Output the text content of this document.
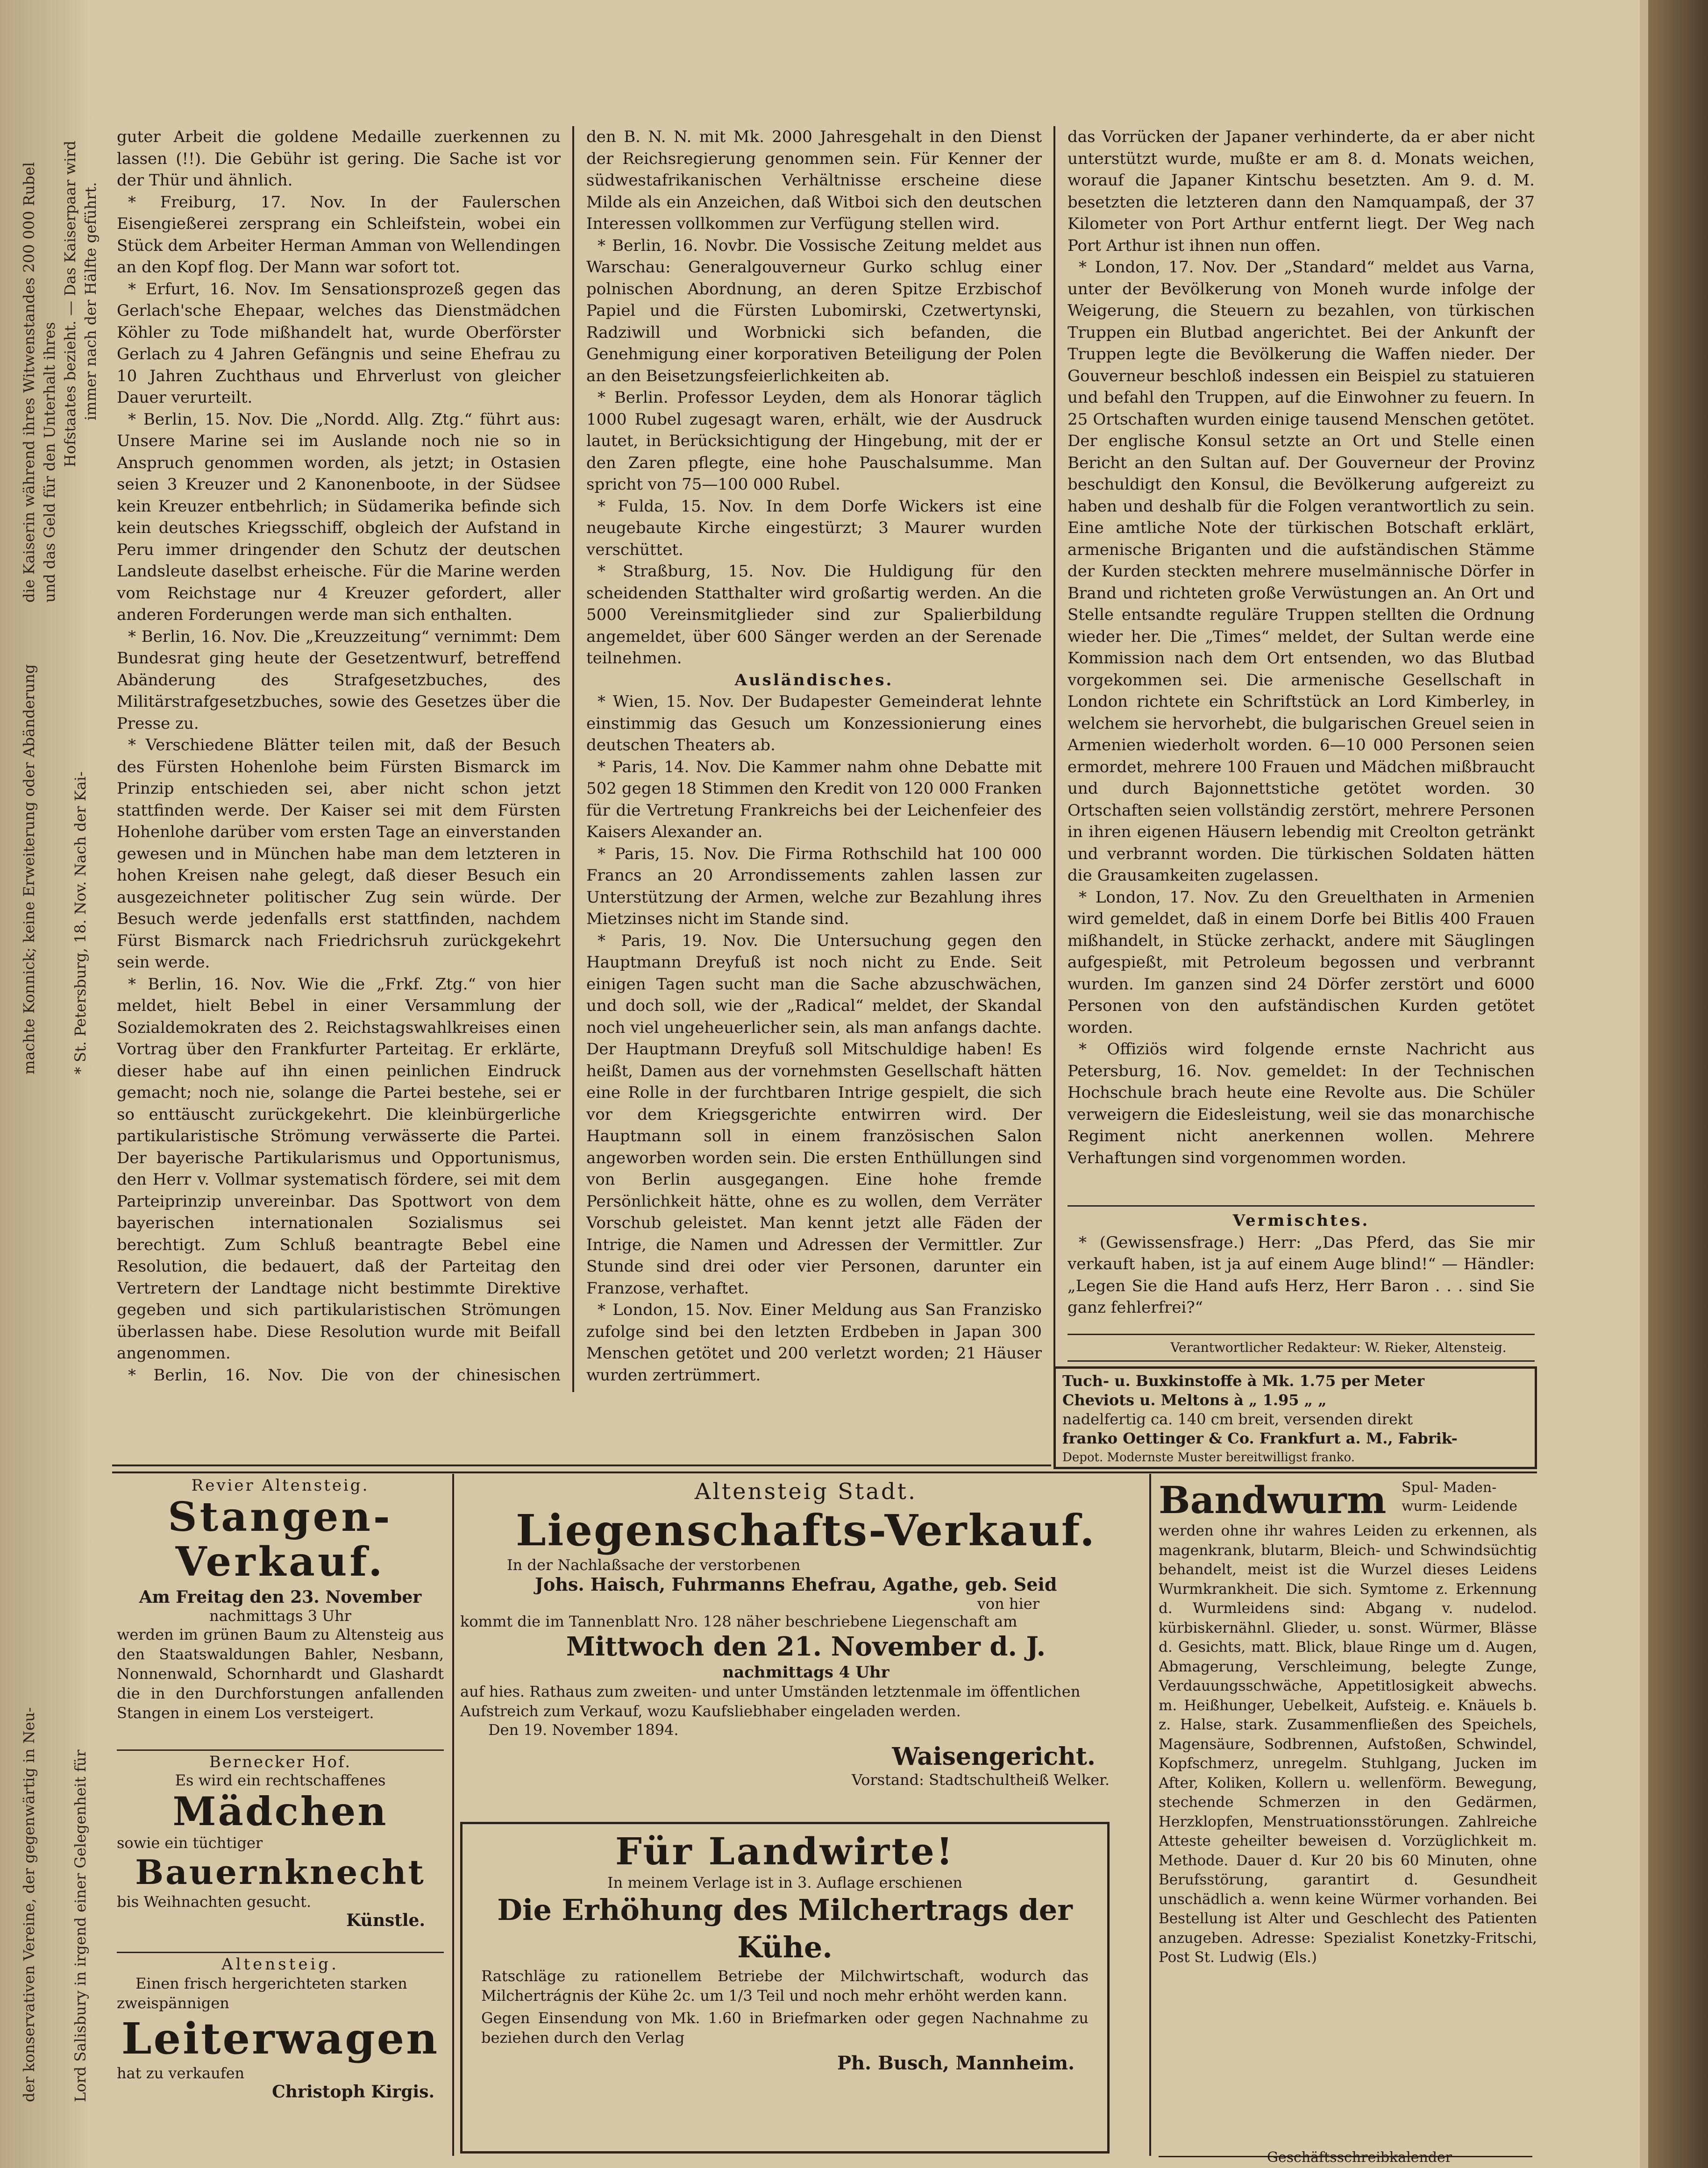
die Kaiserin während ihres Witwenstandes 200 000 Rubel und das Geld für den Unterhalt ihres Hofstaates bezieht. — Das Kaiserpaar wird immer nach der Hälfte geführt.
machte Konnick; keine Erweiterung oder Abänderung * St. Petersburg, 18. Nov. Nach der Kai-
der konservativen Vereine, der gegenwärtig in Neu- Lord Salisbury in irgend einer Gelegenheit für

guter Arbeit die goldene Medaille zuerkennen zu lassen (!!). Die Gebühr ist gering. Die Sache ist vor der Thür und ähnlich.

* Freiburg, 17. Nov. In der Faulerschen Eisengießerei zersprang ein Schleifstein, wobei ein Stück dem Arbeiter Herman Amman von Wellendingen an den Kopf flog. Der Mann war sofort tot.

* Erfurt, 16. Nov. Im Sensationsprozeß gegen das Gerlach'sche Ehepaar, welches das Dienstmädchen Köhler zu Tode mißhandelt hat, wurde Oberförster Gerlach zu 4 Jahren Gefängnis und seine Ehefrau zu 10 Jahren Zuchthaus und Ehrverlust von gleicher Dauer verurteilt.

* Berlin, 15. Nov. Die „Nordd. Allg. Ztg.“ führt aus: Unsere Marine sei im Auslande noch nie so in Anspruch genommen worden, als jetzt; in Ostasien seien 3 Kreuzer und 2 Kanonenboote, in der Südsee kein Kreuzer entbehrlich; in Südamerika befinde sich kein deutsches Kriegsschiff, obgleich der Aufstand in Peru immer dringender den Schutz der deutschen Landsleute daselbst erheische. Für die Marine werden vom Reichstage nur 4 Kreuzer gefordert, aller anderen Forderungen werde man sich enthalten.

* Berlin, 16. Nov. Die „Kreuzzeitung“ vernimmt: Dem Bundesrat ging heute der Gesetzentwurf, betreffend Abänderung des Strafgesetzbuches, des Militärstrafgesetzbuches, sowie des Gesetzes über die Presse zu.

* Verschiedene Blätter teilen mit, daß der Besuch des Fürsten Hohenlohe beim Fürsten Bismarck im Prinzip entschieden sei, aber nicht schon jetzt stattfinden werde. Der Kaiser sei mit dem Fürsten Hohenlohe darüber vom ersten Tage an einverstanden gewesen und in München habe man dem letzteren in hohen Kreisen nahe gelegt, daß dieser Besuch ein ausgezeichneter politischer Zug sein würde. Der Besuch werde jedenfalls erst stattfinden, nachdem Fürst Bismarck nach Friedrichsruh zurückgekehrt sein werde.

* Berlin, 16. Nov. Wie die „Frkf. Ztg.“ von hier meldet, hielt Bebel in einer Versammlung der Sozialdemokraten des 2. Reichstagswahlkreises einen Vortrag über den Frankfurter Parteitag. Er erklärte, dieser habe auf ihn einen peinlichen Eindruck gemacht; noch nie, solange die Partei bestehe, sei er so enttäuscht zurückgekehrt. Die kleinbürgerliche partikularistische Strömung verwässerte die Partei. Der bayerische Partikularismus und Opportunismus, den Herr v. Vollmar systematisch fördere, sei mit dem Parteiprinzip unvereinbar. Das Spottwort von dem bayerischen internationalen Sozialismus sei berechtigt. Zum Schluß beantragte Bebel eine Resolution, die bedauert, daß der Parteitag den Vertretern der Landtage nicht bestimmte Direktive gegeben und sich partikularistischen Strömungen überlassen habe. Diese Resolution wurde mit Beifall angenommen.

* Berlin, 16. Nov. Die von der chinesischen

den B. N. N. mit Mk. 2000 Jahresgehalt in den Dienst der Reichsregierung genommen sein. Für Kenner der südwestafrikanischen Verhältnisse erscheine diese Milde als ein Anzeichen, daß Witboi sich den deutschen Interessen vollkommen zur Verfügung stellen wird.

* Berlin, 16. Novbr. Die Vossische Zeitung meldet aus Warschau: Generalgouverneur Gurko schlug einer polnischen Abordnung, an deren Spitze Erzbischof Papiel und die Fürsten Lubomirski, Czetwertynski, Radziwill und Worbnicki sich befanden, die Genehmigung einer korporativen Beteiligung der Polen an den Beisetzungsfeierlichkeiten ab.

* Berlin. Professor Leyden, dem als Honorar täglich 1000 Rubel zugesagt waren, erhält, wie der Ausdruck lautet, in Berücksichtigung der Hingebung, mit der er den Zaren pflegte, eine hohe Pauschalsumme. Man spricht von 75—100 000 Rubel.

* Fulda, 15. Nov. In dem Dorfe Wickers ist eine neugebaute Kirche eingestürzt; 3 Maurer wurden verschüttet.

* Straßburg, 15. Nov. Die Huldigung für den scheidenden Statthalter wird großartig werden. An die 5000 Vereinsmitglieder sind zur Spalierbildung angemeldet, über 600 Sänger werden an der Serenade teilnehmen.

Ausländisches.

* Wien, 15. Nov. Der Budapester Gemeinderat lehnte einstimmig das Gesuch um Konzessionierung eines deutschen Theaters ab.

* Paris, 14. Nov. Die Kammer nahm ohne Debatte mit 502 gegen 18 Stimmen den Kredit von 120 000 Franken für die Vertretung Frankreichs bei der Leichenfeier des Kaisers Alexander an.

* Paris, 15. Nov. Die Firma Rothschild hat 100 000 Francs an 20 Arrondissements zahlen lassen zur Unterstützung der Armen, welche zur Bezahlung ihres Mietzinses nicht im Stande sind.

* Paris, 19. Nov. Die Untersuchung gegen den Hauptmann Dreyfuß ist noch nicht zu Ende. Seit einigen Tagen sucht man die Sache abzuschwächen, und doch soll, wie der „Radical“ meldet, der Skandal noch viel ungeheuerlicher sein, als man anfangs dachte. Der Hauptmann Dreyfuß soll Mitschuldige haben! Es heißt, Damen aus der vornehmsten Gesellschaft hätten eine Rolle in der furchtbaren Intrige gespielt, die sich vor dem Kriegsgerichte entwirren wird. Der Hauptmann soll in einem französischen Salon angeworben worden sein. Die ersten Enthüllungen sind von Berlin ausgegangen. Eine hohe fremde Persönlichkeit hätte, ohne es zu wollen, dem Verräter Vorschub geleistet. Man kennt jetzt alle Fäden der Intrige, die Namen und Adressen der Vermittler. Zur Stunde sind drei oder vier Personen, darunter ein Franzose, verhaftet.

* London, 15. Nov. Einer Meldung aus San Franzisko zufolge sind bei den letzten Erdbeben in Japan 300 Menschen getötet und 200 verletzt worden; 21 Häuser wurden zertrümmert.

das Vorrücken der Japaner verhinderte, da er aber nicht unterstützt wurde, mußte er am 8. d. Monats weichen, worauf die Japaner Kintschu besetzten. Am 9. d. M. besetzten die letzteren dann den Namquampaß, der 37 Kilometer von Port Arthur entfernt liegt. Der Weg nach Port Arthur ist ihnen nun offen.

* London, 17. Nov. Der „Standard“ meldet aus Varna, unter der Bevölkerung von Moneh wurde infolge der Weigerung, die Steuern zu bezahlen, von türkischen Truppen ein Blutbad angerichtet. Bei der Ankunft der Truppen legte die Bevölkerung die Waffen nieder. Der Gouverneur beschloß indessen ein Beispiel zu statuieren und befahl den Truppen, auf die Einwohner zu feuern. In 25 Ortschaften wurden einige tausend Menschen getötet. Der englische Konsul setzte an Ort und Stelle einen Bericht an den Sultan auf. Der Gouverneur der Provinz beschuldigt den Konsul, die Bevölkerung aufgereizt zu haben und deshalb für die Folgen verantwortlich zu sein. Eine amtliche Note der türkischen Botschaft erklärt, armenische Briganten und die aufständischen Stämme der Kurden steckten mehrere muselmännische Dörfer in Brand und richteten große Verwüstungen an. An Ort und Stelle entsandte reguläre Truppen stellten die Ordnung wieder her. Die „Times“ meldet, der Sultan werde eine Kommission nach dem Ort entsenden, wo das Blutbad vorgekommen sei. Die armenische Gesellschaft in London richtete ein Schriftstück an Lord Kimberley, in welchem sie hervorhebt, die bulgarischen Greuel seien in Armenien wiederholt worden. 6—10 000 Personen seien ermordet, mehrere 100 Frauen und Mädchen mißbraucht und durch Bajonnettstiche getötet worden. 30 Ortschaften seien vollständig zerstört, mehrere Personen in ihren eigenen Häusern lebendig mit Creolton getränkt und verbrannt worden. Die türkischen Soldaten hätten die Grausamkeiten zugelassen.

* London, 17. Nov. Zu den Greuelthaten in Armenien wird gemeldet, daß in einem Dorfe bei Bitlis 400 Frauen mißhandelt, in Stücke zerhackt, andere mit Säuglingen aufgespießt, mit Petroleum begossen und verbrannt wurden. Im ganzen sind 24 Dörfer zerstört und 6000 Personen von den aufständischen Kurden getötet worden.

* Offiziös wird folgende ernste Nachricht aus Petersburg, 16. Nov. gemeldet: In der Technischen Hochschule brach heute eine Revolte aus. Die Schüler verweigern die Eidesleistung, weil sie das monarchische Regiment nicht anerkennen wollen. Mehrere Verhaftungen sind vorgenommen worden.

Vermischtes.

* (Gewissensfrage.) Herr: „Das Pferd, das Sie mir verkauft haben, ist ja auf einem Auge blind!“ — Händler: „Legen Sie die Hand aufs Herz, Herr Baron . . . sind Sie ganz fehlerfrei?“

Verantwortlicher Redakteur: W. Rieker, Altensteig.
Tuch- u. Buxkinstoffe à Mk. 1.75 per Meter
Cheviots u. Meltons à „ 1.95 „ „
nadelfertig ca. 140 cm breit, versenden direkt
franko Oettinger & Co. Frankfurt a. M., Fabrik-
Depot. Modernste Muster bereitwilligst franko.
Revier Altensteig.
Stangen-
Verkauf.
Am Freitag den 23. November
nachmittags 3 Uhr
werden im grünen Baum zu Altensteig aus den Staatswaldungen Bahler, Nesbann, Nonnenwald, Schornhardt und Glashardt die in den Durchforstungen anfallenden Stangen in einem Los versteigert.
Bernecker Hof.
Es wird ein rechtschaffenes
Mädchen
sowie ein tüchtiger
Bauernknecht
bis Weihnachten gesucht.
Künstle.
Altensteig.
Einen frisch hergerichteten starken zweispännigen
Leiterwagen
hat zu verkaufen
Christoph Kirgis.
Altensteig Stadt.
Liegenschafts-Verkauf.
In der Nachlaßsache der verstorbenen
Johs. Haisch, Fuhrmanns Ehefrau, Agathe, geb. Seid
von hier
kommt die im Tannenblatt Nro. 128 näher beschriebene Liegenschaft am
Mittwoch den 21. November d. J.
nachmittags 4 Uhr
auf hies. Rathaus zum zweiten- und unter Umständen letztenmale im öffentlichen Aufstreich zum Verkauf, wozu Kaufsliebhaber eingeladen werden.
Den 19. November 1894.
Waisengericht.
Vorstand: Stadtschultheiß Welker.
Für Landwirte!
In meinem Verlage ist in 3. Auflage erschienen
Die Erhöhung des Milchertrags der Kühe.
Ratschläge zu rationellem Betriebe der Milchwirtschaft, wodurch das Milchertrágnis der Kühe 2c. um 1/3 Teil und noch mehr erhöht werden kann.
Gegen Einsendung von Mk. 1.60 in Briefmarken oder gegen Nachnahme zu beziehen durch den Verlag
Ph. Busch, Mannheim.
Bandwurm	Spul- Maden- wurm- Leidende
werden ohne ihr wahres Leiden zu erkennen, als magenkrank, blutarm, Bleich- und Schwindsüchtig behandelt, meist ist die Wurzel dieses Leidens Wurmkrankheit. Die sich. Symtome z. Erkennung d. Wurmleidens sind: Abgang v. nudelod. kürbiskernähnl. Glieder, u. sonst. Würmer, Blässe d. Gesichts, matt. Blick, blaue Ringe um d. Augen, Abmagerung, Verschleimung, belegte Zunge, Verdauungsschwäche, Appetitlosigkeit abwechs. m. Heißhunger, Uebelkeit, Aufsteig. e. Knäuels b. z. Halse, stark. Zusammenfließen des Speichels, Magensäure, Sodbrennen, Aufstoßen, Schwindel, Kopfschmerz, unregelm. Stuhlgang, Jucken im After, Koliken, Kollern u. wellenförm. Bewegung, stechende Schmerzen in den Gedärmen, Herzklopfen, Menstruationsstörungen. Zahlreiche Atteste geheilter beweisen d. Vorzüglichkeit m. Methode. Dauer d. Kur 20 bis 60 Minuten, ohne Berufsstörung, garantirt d. Gesundheit unschädlich a. wenn keine Würmer vorhanden. Bei Bestellung ist Alter und Geschlecht des Patienten anzugeben. Adresse: Spezialist Konetzky-Fritschi, Post St. Ludwig (Els.)
Geschäftsschreibkalender
